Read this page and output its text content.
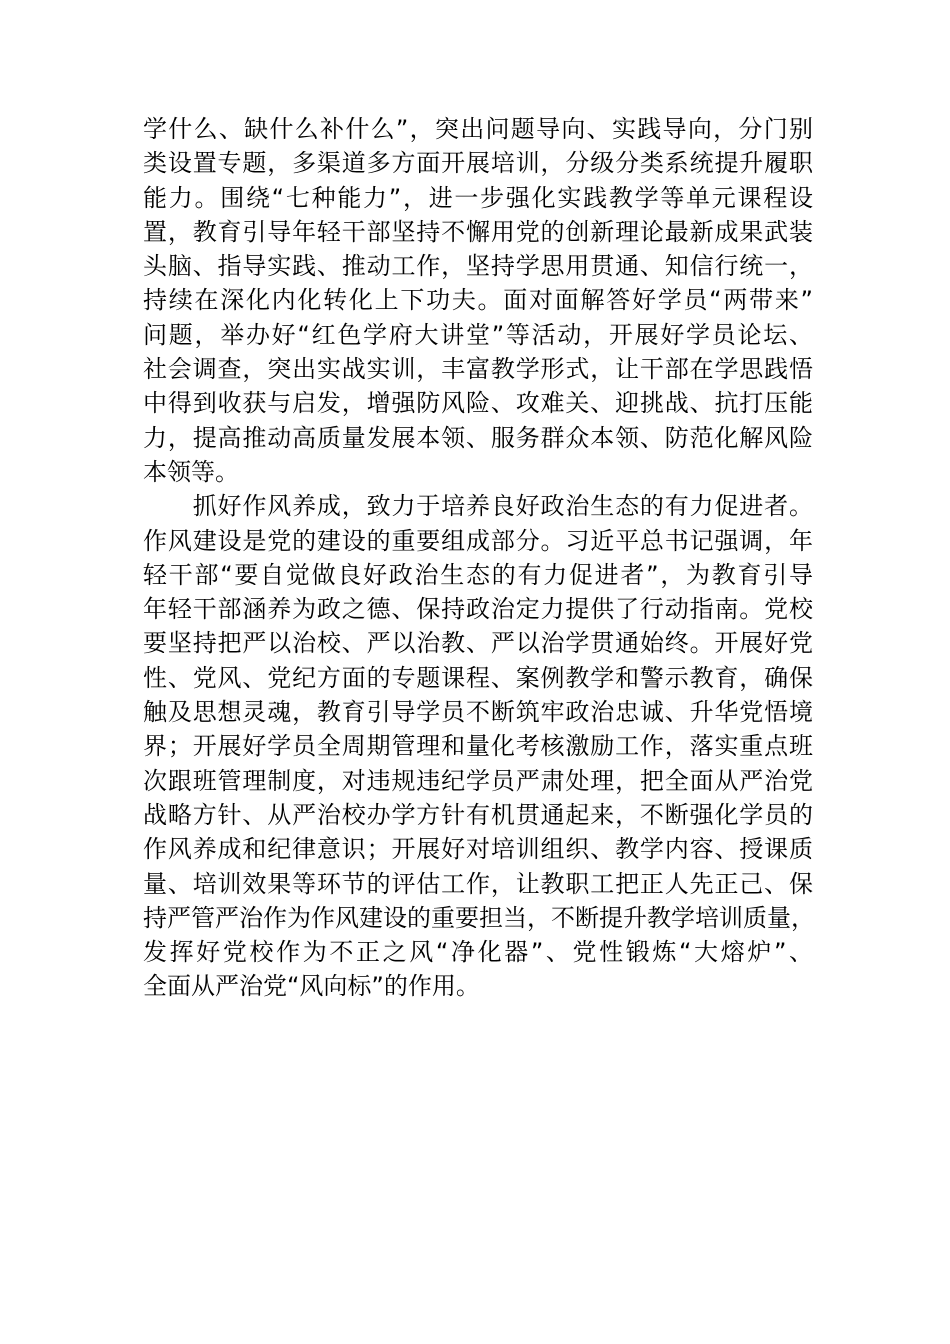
学什么、缺什么补什么”，突出问题导向、实践导向，分门别
类设置专题，多渠道多方面开展培训，分级分类系统提升履职
能力。围绕“七种能力”，进一步强化实践教学等单元课程设
置，教育引导年轻干部坚持不懈用党的创新理论最新成果武装
头脑、指导实践、推动工作，坚持学思用贯通、知信行统一，
持续在深化内化转化上下功夫。面对面解答好学员“两带来”
问题，举办好“红色学府大讲堂”等活动，开展好学员论坛、
社会调查，突出实战实训，丰富教学形式，让干部在学思践悟
中得到收获与启发，增强防风险、攻难关、迎挑战、抗打压能
力，提高推动高质量发展本领、服务群众本领、防范化解风险
本领等。
　　抓好作风养成，致力于培养良好政治生态的有力促进者。
作风建设是党的建设的重要组成部分。习近平总书记强调，年
轻干部“要自觉做良好政治生态的有力促进者”，为教育引导
年轻干部涵养为政之德、保持政治定力提供了行动指南。党校
要坚持把严以治校、严以治教、严以治学贯通始终。开展好党
性、党风、党纪方面的专题课程、案例教学和警示教育，确保
触及思想灵魂，教育引导学员不断筑牢政治忠诚、升华党悟境
界；开展好学员全周期管理和量化考核激励工作，落实重点班
次跟班管理制度，对违规违纪学员严肃处理，把全面从严治党
战略方针、从严治校办学方针有机贯通起来，不断强化学员的
作风养成和纪律意识；开展好对培训组织、教学内容、授课质
量、培训效果等环节的评估工作，让教职工把正人先正己、保
持严管严治作为作风建设的重要担当，不断提升教学培训质量，
发挥好党校作为不正之风“净化器”、党性锻炼“大熔炉”、
全面从严治党“风向标”的作用。
